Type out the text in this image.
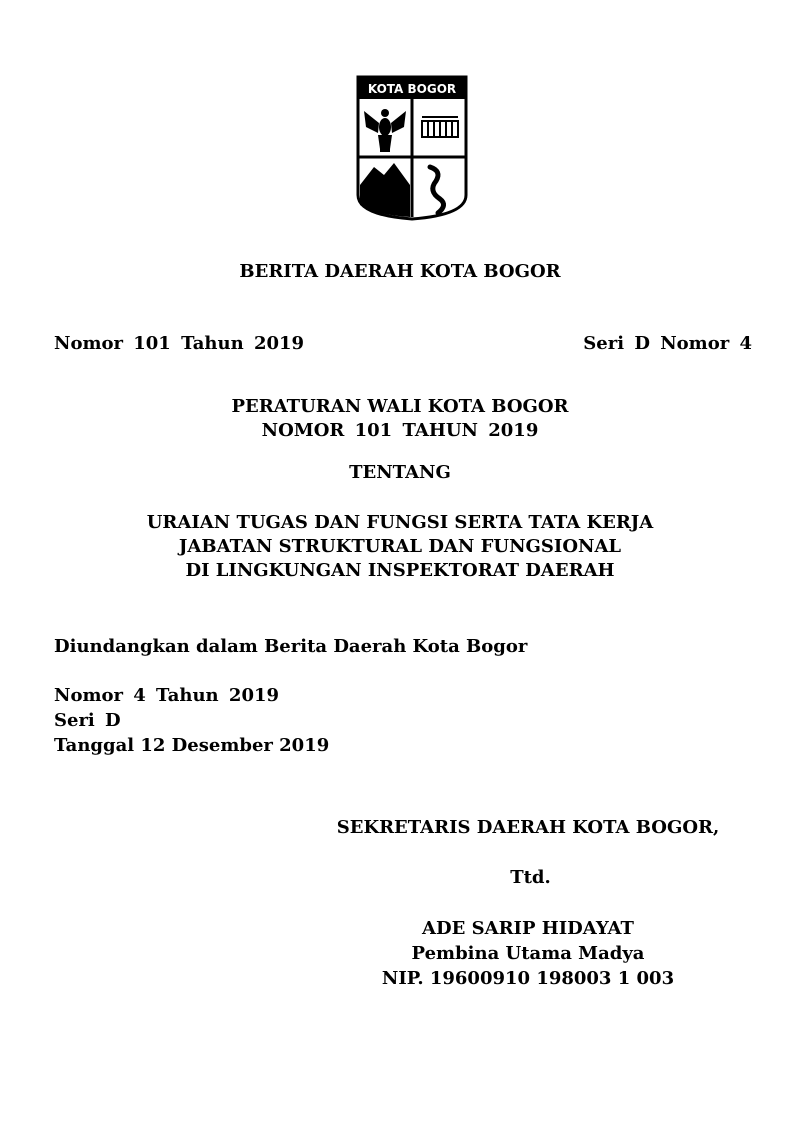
KOTA BOGOR
BERITA DAERAH KOTA BOGOR
Nomor 101 Tahun 2019	Seri D Nomor 4
PERATURAN WALI KOTA BOGOR
NOMOR 101 TAHUN 2019
TENTANG
URAIAN TUGAS DAN FUNGSI SERTA TATA KERJA
JABATAN STRUKTURAL DAN FUNGSIONAL
DI LINGKUNGAN INSPEKTORAT DAERAH
Diundangkan dalam Berita Daerah Kota Bogor
Nomor 4 Tahun 2019
Seri D
Tanggal 12 Desember 2019
SEKRETARIS DAERAH KOTA BOGOR,
Ttd.
ADE SARIP HIDAYAT
Pembina Utama Madya
NIP. 19600910 198003 1 003
